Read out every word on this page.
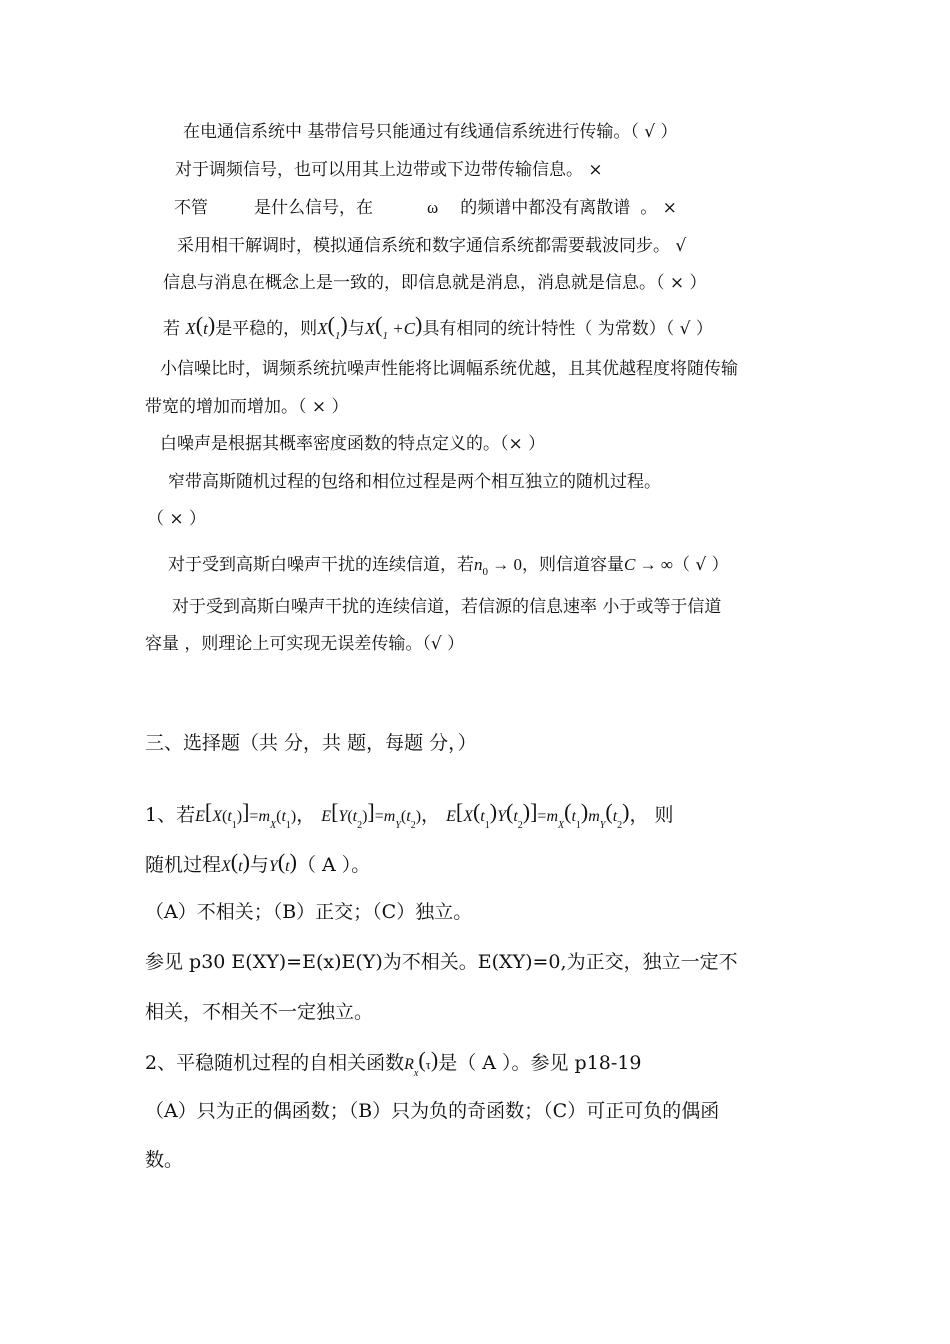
在电通信系统中 基带信号只能通过有线通信系统进行传输。（ √ ）
对于调频信号，也可以用其上边带或下边带传输信息。 ×
不管	是什么信号，在	ω 的频谱中都没有离散谱 。 ×
采用相干解调时，模拟通信系统和数字通信系统都需要载波同步。 √
信息与消息在概念上是一致的，即信息就是消息，消息就是信息。（ × ）
若 X(t)是平稳的，则$X(_1)$与$X(_1 +C)$具有相同的统计特性（ 为常数）（ √ ）
小信噪比时，调频系统抗噪声性能将比调幅系统优越，且其优越程度将随传输
带宽的增加而增加。（ × ）
白噪声是根据其概率密度函数的特点定义的。（× ）
窄带高斯随机过程的包络和相位过程是两个相互独立的随机过程。
（ × ）
对于受到高斯白噪声干扰的连续信道，若$n_0 \to 0$，则信道容量C → ∞（ √ ）
对于受到高斯白噪声干扰的连续信道，若信源的信息速率 小于或等于信道
容量 ，则理论上可实现无误差传输。（√ ）
三、选择题（共 分，共 题，每题 分，）
1、若$E[X(t_1)]=m_X(t_1)$， $E[Y(t_2)]=m_Y(t_2)$， $E[X(t_1)Y(t_2)]=m_X(t_1)m_Y(t_2)$， 则
随机过程X(t)与Y(t)（ A ）。
（A）不相关；（B）正交；（C）独立。
参见 p30 E(XY)=E(x)E(Y)为不相关。E(XY)=0,为正交，独立一定不
相关，不相关不一定独立。
2、平稳随机过程的自相关函数$R_x(\tau)$是（ A ）。参见 p18-19
（A）只为正的偶函数；（B）只为负的奇函数；（C）可正可负的偶函
数。
